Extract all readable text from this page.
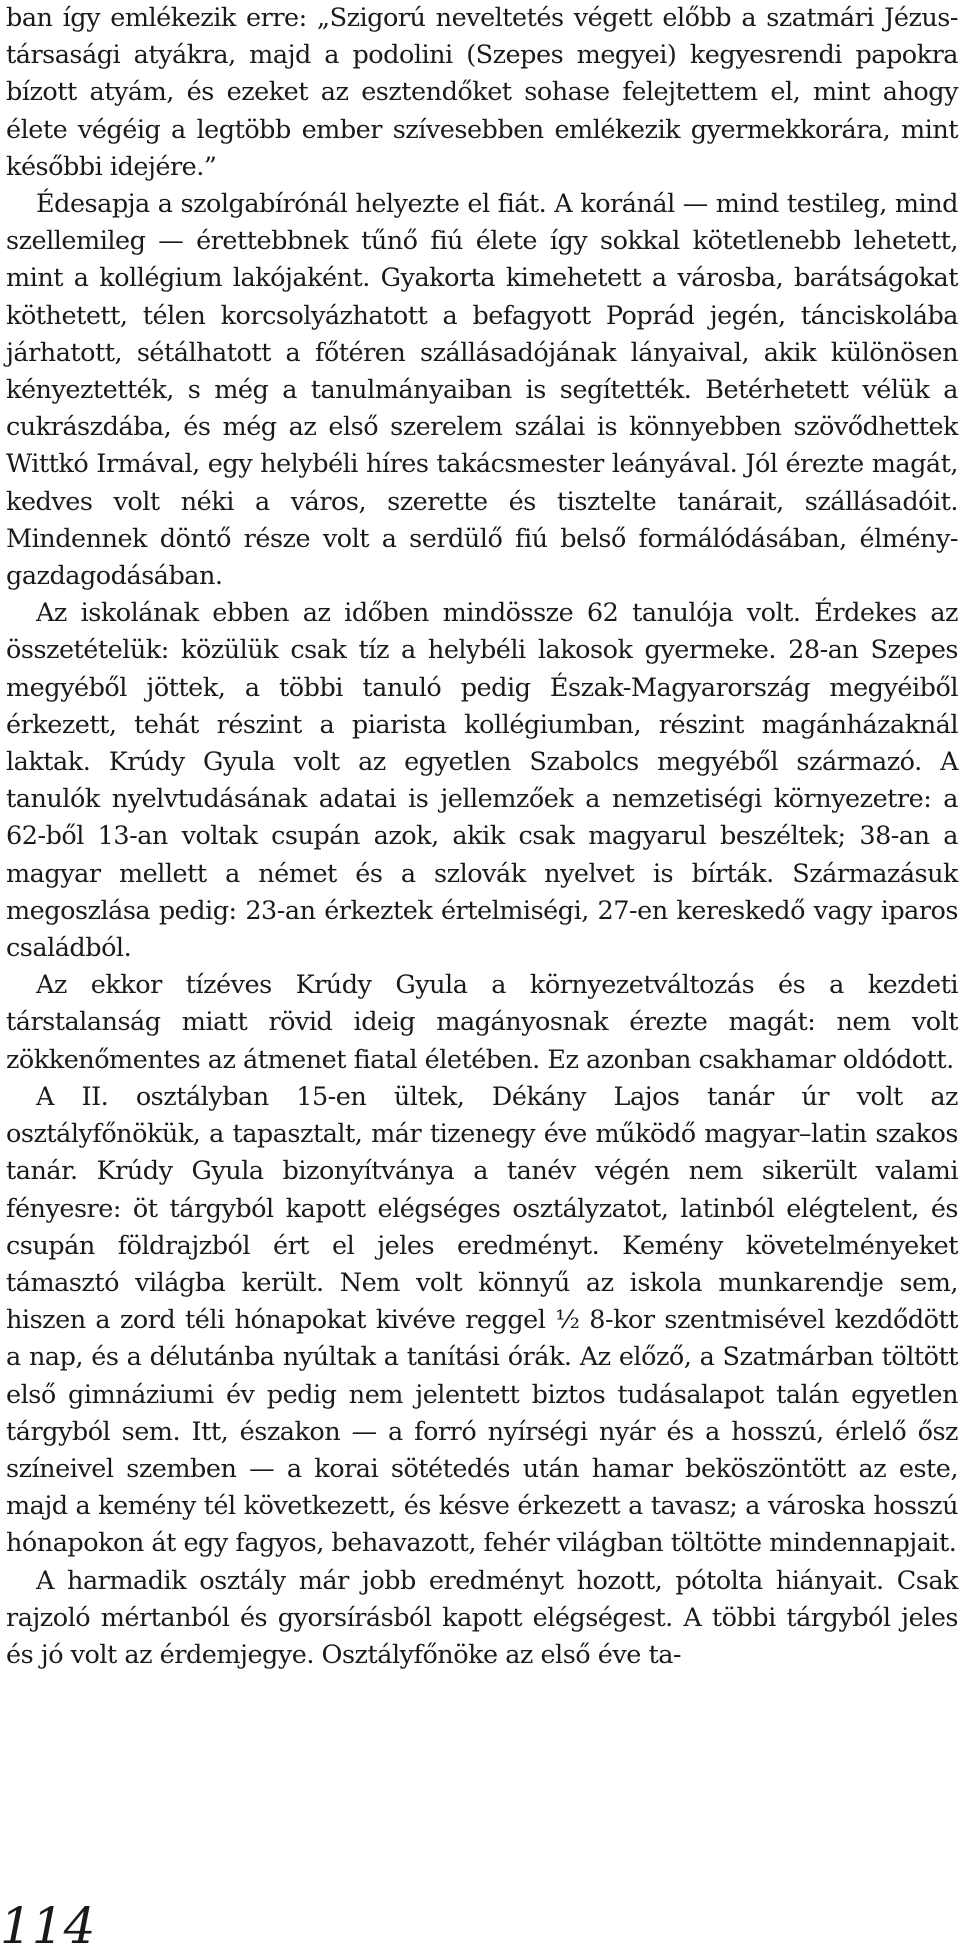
ban így emlékezik erre: „Szigorú neveltetés végett előbb a szatmári Jézus-társasági atyákra, majd a podolini (Szepes megyei) kegyesrendi papokra bízott atyám, és ezeket az esztendőket sohase felejtettem el, mint ahogy élete végéig a legtöbb ember szívesebben emlékezik gyermekkorára, mint későbbi idejére.”

Édesapja a szolgabírónál helyezte el fiát. A koránál — mind testileg, mind szellemileg — érettebbnek tűnő fiú élete így sokkal kötetlenebb lehetett, mint a kollégium lakójaként. Gyakorta kimehetett a városba, barátságokat köthetett, télen korcsolyázhatott a befagyott Poprád jegén, tánciskolába járhatott, sétálhatott a főtéren szállásadójának lányaival, akik különösen kényeztették, s még a tanulmányaiban is segítették. Betérhetett vélük a cukrászdába, és még az első szerelem szálai is könnyebben szövődhettek Wittkó Irmával, egy helybéli híres takácsmester leányával. Jól érezte magát, kedves volt néki a város, szerette és tisztelte tanárait, szállásadóit. Mindennek döntő része volt a serdülő fiú belső formálódásában, élmény-gazdagodásában.

Az iskolának ebben az időben mindössze 62 tanulója volt. Érdekes az összetételük: közülük csak tíz a helybéli lakosok gyermeke. 28-an Szepes megyéből jöttek, a többi tanuló pedig Észak-Magyarország megyéiből érkezett, tehát részint a piarista kollégiumban, részint magánházaknál laktak. Krúdy Gyula volt az egyetlen Szabolcs megyéből származó. A tanulók nyelvtudásának adatai is jellemzőek a nemzetiségi környezetre: a 62-ből 13-an voltak csupán azok, akik csak magyarul beszéltek; 38-an a magyar mellett a német és a szlovák nyelvet is bírták. Származásuk megoszlása pedig: 23-an érkeztek értelmiségi, 27-en kereskedő vagy iparos családból.

Az ekkor tízéves Krúdy Gyula a környezetváltozás és a kezdeti társtalanság miatt rövid ideig magányosnak érezte magát: nem volt zökkenőmentes az átmenet fiatal életében. Ez azonban csakhamar oldódott.

A II. osztályban 15-en ültek, Dékány Lajos tanár úr volt az osztályfőnökük, a tapasztalt, már tizenegy éve működő magyar–latin szakos tanár. Krúdy Gyula bizonyítványa a tanév végén nem sikerült valami fényesre: öt tárgyból kapott elégséges osztályzatot, latinból elégtelent, és csupán földrajzból ért el jeles eredményt. Kemény követelményeket támasztó világba került. Nem volt könnyű az iskola munkarendje sem, hiszen a zord téli hónapokat kivéve reggel ½ 8-kor szentmisével kezdődött a nap, és a délutánba nyúltak a tanítási órák. Az előző, a Szatmárban töltött első gimnáziumi év pedig nem jelentett biztos tudásalapot talán egyetlen tárgyból sem. Itt, északon — a forró nyírségi nyár és a hosszú, érlelő ősz színeivel szemben — a korai sötétedés után hamar beköszöntött az este, majd a kemény tél következett, és késve érkezett a tavasz; a városka hosszú hónapokon át egy fagyos, behavazott, fehér világban töltötte mindennapjait.

A harmadik osztály már jobb eredményt hozott, pótolta hiányait. Csak rajzoló mértanból és gyorsírásból kapott elégségest. A többi tárgyból jeles és jó volt az érdemjegye. Osztályfőnöke az első éve ta-

114
